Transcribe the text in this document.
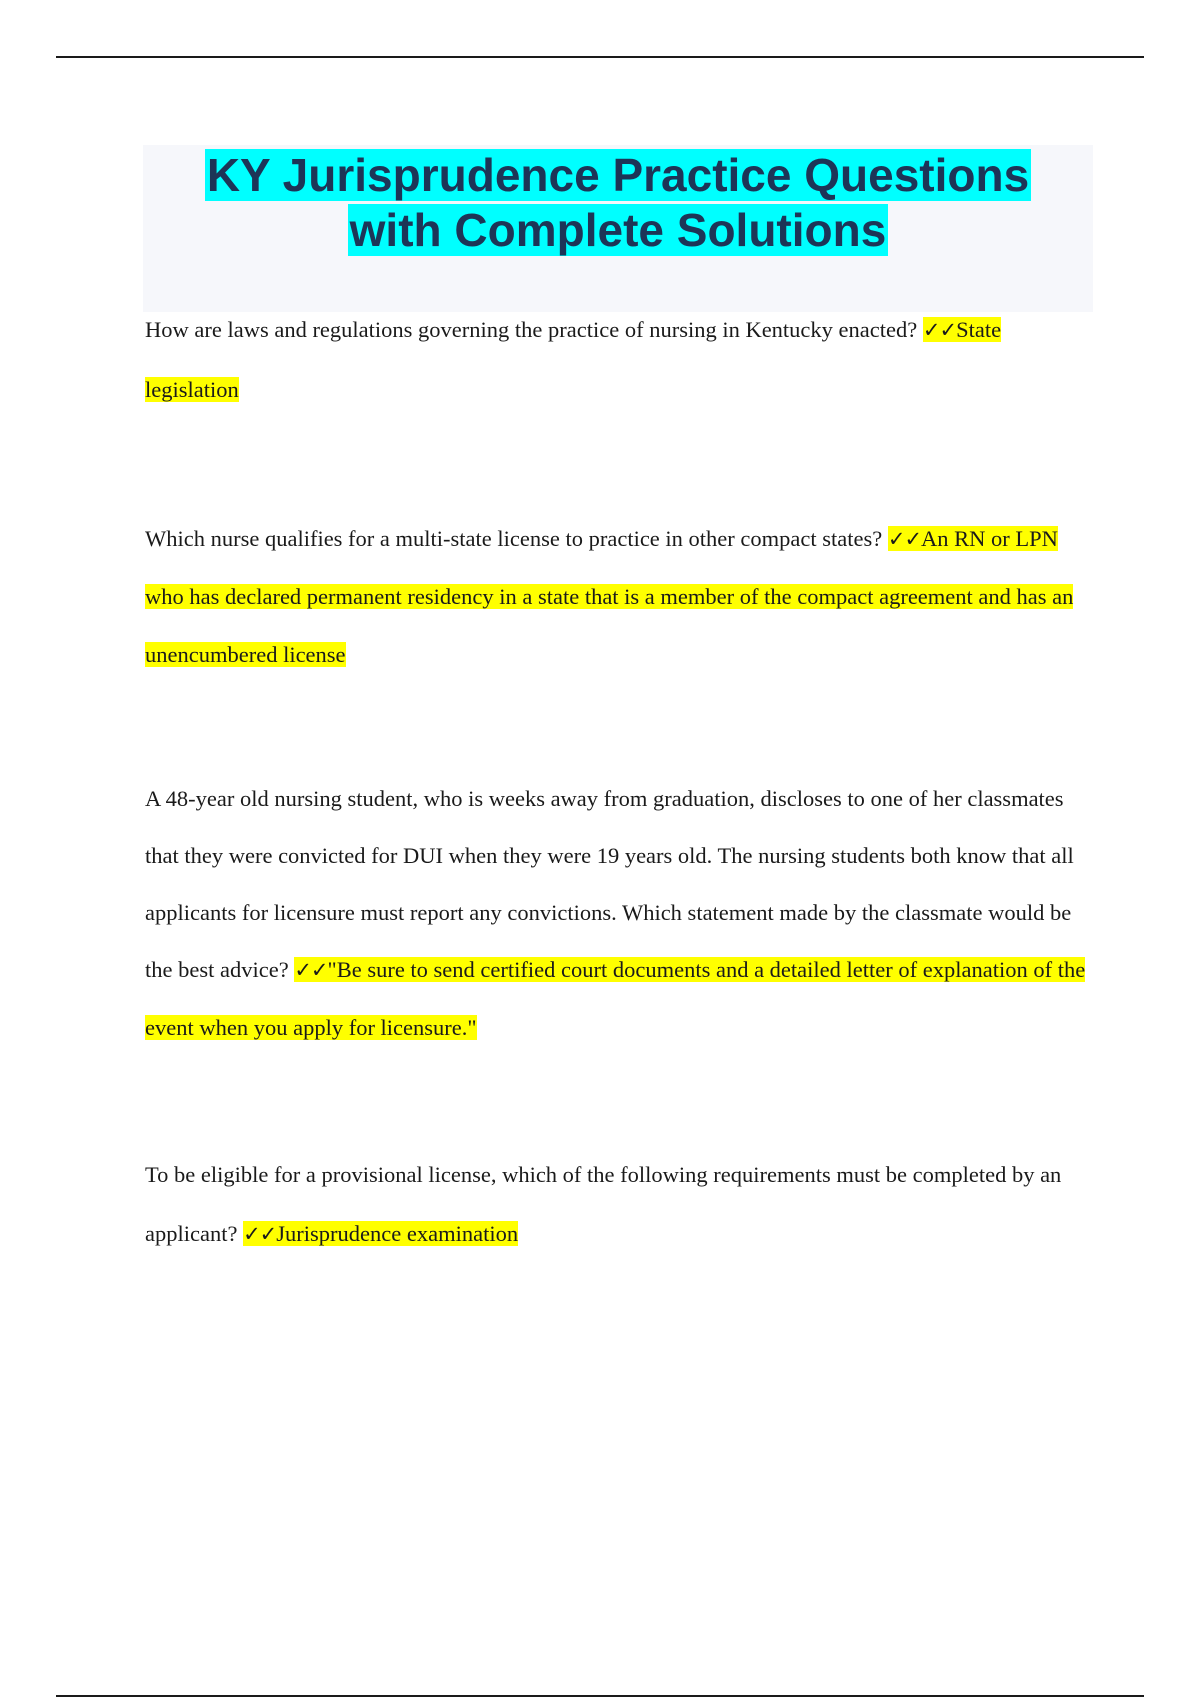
KY Jurisprudence Practice Questions
with Complete Solutions

How are laws and regulations governing the practice of nursing in Kentucky enacted? ✓✓State legislation

Which nurse qualifies for a multi-state license to practice in other compact states? ✓✓An RN or LPN who has declared permanent residency in a state that is a member of the compact agreement and has an unencumbered license

A 48-year old nursing student, who is weeks away from graduation, discloses to one of her classmates that they were convicted for DUI when they were 19 years old. The nursing students both know that all applicants for licensure must report any convictions. Which statement made by the classmate would be the best advice? ✓✓"Be sure to send certified court documents and a detailed letter of explanation of the event when you apply for licensure."

To be eligible for a provisional license, which of the following requirements must be completed by an applicant? ✓✓Jurisprudence examination
